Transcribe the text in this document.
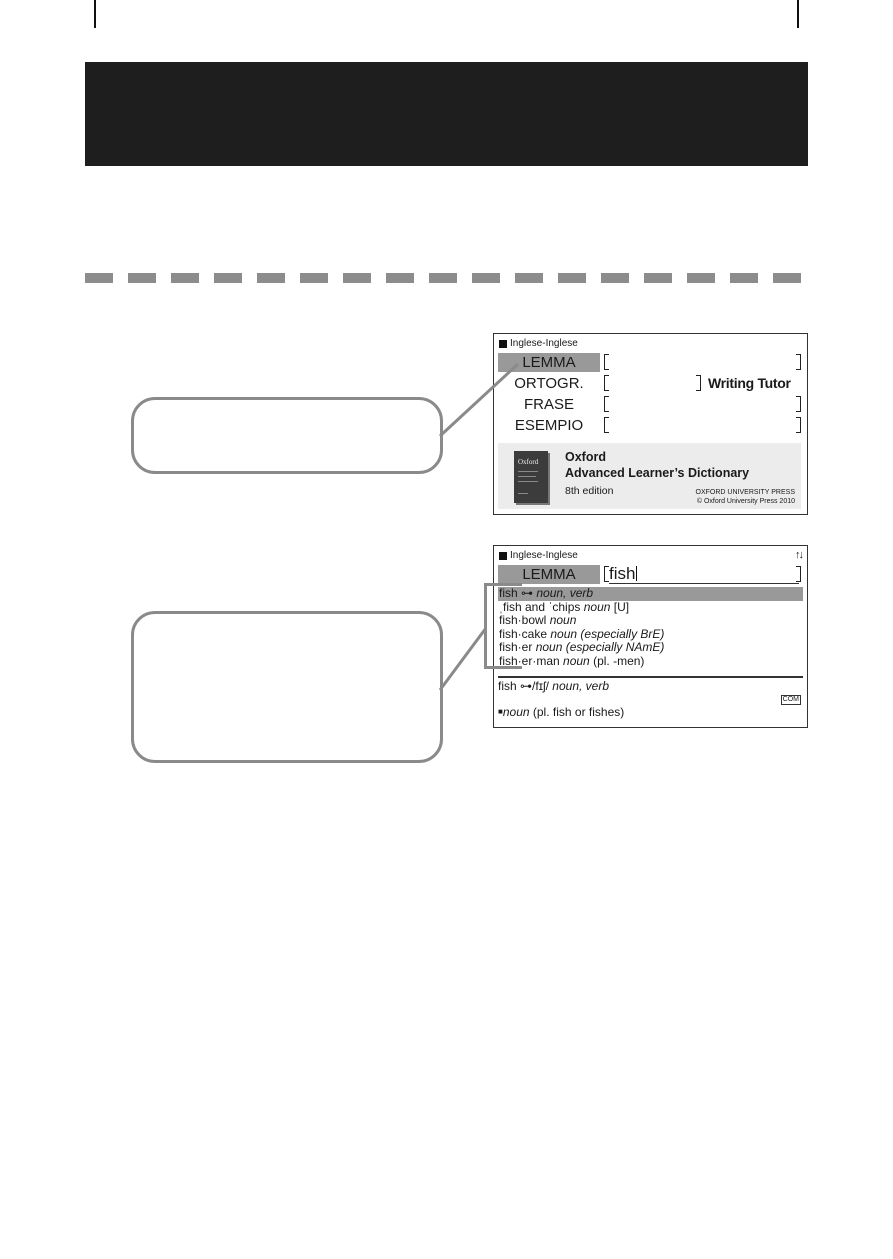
Inglese-Inglese
LEMMA
ORTOGR.	Writing Tutor
FRASE
ESEMPIO
Oxford Oxford
Advanced Learner’s Dictionary
8th edition	OXFORD UNIVERSITY PRESS
© Oxford University Press 2010
Inglese-Inglese	↑↓
LEMMA	fish
fish ⊶ noun, verb
ˌfish and ˈchips noun [U]
fish·bowl noun
fish·cake noun (especially BrE)
fish·er noun (especially NAmE)
fish·er·man noun (pl. -men)
fish ⊶/fɪʃ/ noun, verb
COM
■noun (pl. fish or fishes)
